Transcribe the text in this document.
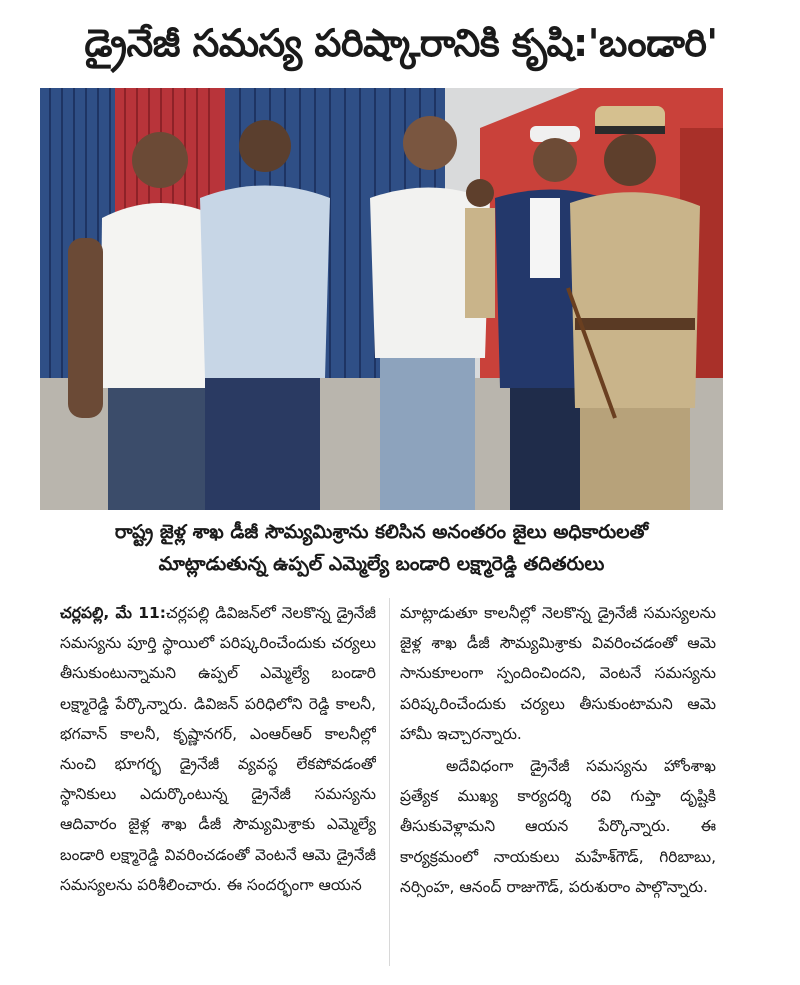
డ్రైనేజీ సమస్య పరిష్కారానికి కృషి:'బండారి'
రాష్ట్ర జైళ్ల శాఖ డీజీ సౌమ్యమిశ్రాను కలిసిన అనంతరం జైలు అధికారులతో
మాట్లాడుతున్న ఉప్పల్ ఎమ్మెల్యే బండారి లక్ష్మారెడ్డి తదితరులు

చర్లపల్లి, మే 11:చర్లపల్లి డివిజన్‌లో నెలకొన్న డ్రైనేజీ సమస్యను పూర్తి స్థాయిలో పరిష్కరించేందుకు చర్యలు తీసుకుంటున్నామని ఉప్పల్ ఎమ్మెల్యే బండారి లక్ష్మారెడ్డి పేర్కొన్నారు. డివిజన్ పరిధిలోని రెడ్డి కాలనీ, భగవాన్ కాలనీ, కృష్ణానగర్, ఎంఆర్ఆర్ కాలనీల్లో నుంచి భూగర్భ డ్రైనేజీ వ్యవస్థ లేకపోవడంతో స్థానికులు ఎదుర్కొంటున్న డ్రైనేజీ సమస్యను ఆదివారం జైళ్ల శాఖ డీజీ సౌమ్యమిశ్రాకు ఎమ్మెల్యే బండారి లక్ష్మారెడ్డి వివరించడంతో వెంటనే ఆమె డ్రైనేజీ సమస్యలను పరిశీలించారు. ఈ సందర్భంగా ఆయన

మాట్లాడుతూ కాలనీల్లో నెలకొన్న డ్రైనేజీ సమస్యలను జైళ్ల శాఖ డీజీ సౌమ్యమిశ్రాకు వివరించడంతో ఆమె సానుకూలంగా స్పందించిందని, వెంటనే సమస్యను పరిష్కరించేందుకు చర్యలు తీసుకుంటామని ఆమె హామీ ఇచ్చారన్నారు.

అదేవిధంగా డ్రైనేజీ సమస్యను హోంశాఖ ప్రత్యేక ముఖ్య కార్యదర్శి రవి గుప్తా దృష్టికి తీసుకువెళ్లామని ఆయన పేర్కొన్నారు. ఈ కార్యక్రమంలో నాయకులు మహేశ్‌గౌడ్, గిరిబాబు, నర్సింహ, ఆనంద్ రాజుగౌడ్, పరుశురాం పాల్గొన్నారు.
